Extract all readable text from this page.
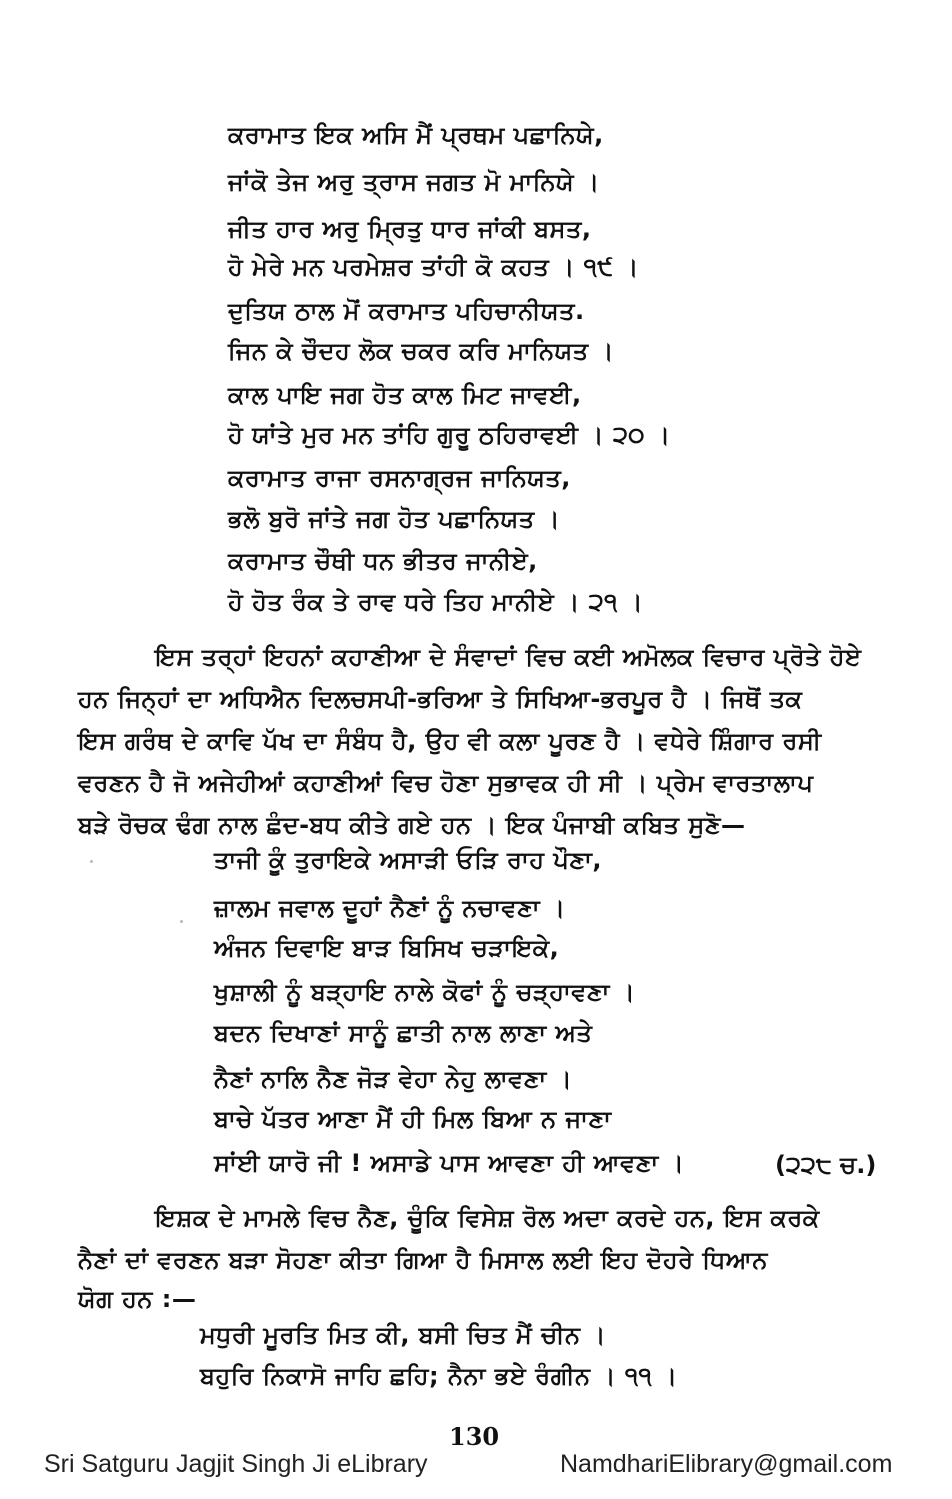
ਕਰਾਮਾਤ ਇਕ ਅਸਿ ਮੈਂ ਪ੍ਰਥਮ ਪਛਾਨਿਯੇ,
ਜਾਂਕੋ ਤੇਜ ਅਰੁ ਤ੍ਰਾਸ ਜਗਤ ਮੋ ਮਾਨਿਯੇ ।
ਜੀਤ ਹਾਰ ਅਰੁ ਮ੍ਰਿਤੁ ਧਾਰ ਜਾਂਕੀ ਬਸਤ,
ਹੋ ਮੇਰੇ ਮਨ ਪਰਮੇਸ਼ਰ ਤਾਂਹੀ ਕੋ ਕਹਤ । ੧੯ ।
ਦੁਤਿਯ ਠਾਲ ਮੋਂ ਕਰਾਮਾਤ ਪਹਿਚਾਨੀਯਤ.
ਜਿਨ ਕੇ ਚੌਦਹ ਲੋਕ ਚਕਰ ਕਰਿ ਮਾਨਿਯਤ ।
ਕਾਲ ਪਾਇ ਜਗ ਹੋਤ ਕਾਲ ਮਿਟ ਜਾਵਈ,
ਹੋ ਯਾਂਤੇ ਮੁਰ ਮਨ ਤਾਂਹਿ ਗੁਰੂ ਠਹਿਰਾਵਈ । ੨੦ ।
ਕਰਾਮਾਤ ਰਾਜਾ ਰਸਨਾਗ੍ਰਜ ਜਾਨਿਯਤ,
ਭਲੋ ਬੁਰੋ ਜਾਂਤੇ ਜਗ ਹੋਤ ਪਛਾਨਿਯਤ ।
ਕਰਾਮਾਤ ਚੌਥੀ ਧਨ ਭੀਤਰ ਜਾਨੀਏ,
ਹੋ ਹੋਤ ਰੰਕ ਤੇ ਰਾਵ ਧਰੇ ਤਿਹ ਮਾਨੀਏ । ੨੧ ।
ਇਸ ਤਰ੍ਹਾਂ ਇਹਨਾਂ ਕਹਾਣੀਆ ਦੇ ਸੰਵਾਦਾਂ ਵਿਚ ਕਈ ਅਮੋਲਕ ਵਿਚਾਰ ਪ੍ਰੋਤੇ ਹੋਏ
ਹਨ ਜਿਨ੍ਹਾਂ ਦਾ ਅਧਿਐਨ ਦਿਲਚਸਪੀ-ਭਰਿਆ ਤੇ ਸਿਖਿਆ-ਭਰਪੂਰ ਹੈ । ਜਿਥੋਂ ਤਕ
ਇਸ ਗਰੰਥ ਦੇ ਕਾਵਿ ਪੱਖ ਦਾ ਸੰਬੰਧ ਹੈ, ਉਹ ਵੀ ਕਲਾ ਪੂਰਣ ਹੈ । ਵਧੇਰੇ ਸ਼ਿੰਗਾਰ ਰਸੀ
ਵਰਣਨ ਹੈ ਜੋ ਅਜੇਹੀਆਂ ਕਹਾਣੀਆਂ ਵਿਚ ਹੋਣਾ ਸੁਭਾਵਕ ਹੀ ਸੀ । ਪ੍ਰੇਮ ਵਾਰਤਾਲਾਪ
ਬੜੇ ਰੋਚਕ ਢੰਗ ਨਾਲ ਛੰਦ-ਬਧ ਕੀਤੇ ਗਏ ਹਨ । ਇਕ ਪੰਜਾਬੀ ਕਬਿਤ ਸੁਣੋ—
ਤਾਜੀ ਕੂੰ ਤੁਰਾਇਕੇ ਅਸਾੜੀ ਓੜਿ ਰਾਹ ਪੌਣਾ,
ਜ਼ਾਲਮ ਜਵਾਲ ਦੂਹਾਂ ਨੈਣਾਂ ਨੂੰ ਨਚਾਵਣਾ ।
ਅੰਜਨ ਦਿਵਾਇ ਬਾੜ ਬਿਸਿਖ ਚੜਾਇਕੇ,
ਖੁਸ਼ਾਲੀ ਨੂੰ ਬੜ੍ਹਾਇ ਨਾਲੇ ਕੋਫਾਂ ਨੂੰ ਚੜ੍ਹਾਵਣਾ ।
ਬਦਨ ਦਿਖਾਣਾਂ ਸਾਨੂੰ ਛਾਤੀ ਨਾਲ ਲਾਣਾ ਅਤੇ
ਨੈਣਾਂ ਨਾਲਿ ਨੈਣ ਜੋੜ ਵੇਹਾ ਨੇਹੁ ਲਾਵਣਾ ।
ਬਾਚੇ ਪੱਤਰ ਆਣਾ ਮੈਂ ਹੀ ਮਿਲ ਬਿਆ ਨ ਜਾਣਾ
ਸਾਂਈ ਯਾਰੋ ਜੀ ! ਅਸਾਡੇ ਪਾਸ ਆਵਣਾ ਹੀ ਆਵਣਾ ।	(੨੨੮ ਚ.)
ਇਸ਼ਕ ਦੇ ਮਾਮਲੇ ਵਿਚ ਨੈਣ, ਚੂੰਕਿ ਵਿਸੇਸ਼ ਰੋਲ ਅਦਾ ਕਰਦੇ ਹਨ, ਇਸ ਕਰਕੇ
ਨੈਣਾਂ ਦਾਂ ਵਰਣਨ ਬੜਾ ਸੋਹਣਾ ਕੀਤਾ ਗਿਆ ਹੈ ਮਿਸਾਲ ਲਈ ਇਹ ਦੋਹਰੇ ਧਿਆਨ
ਯੋਗ ਹਨ :—
ਮਧੁਰੀ ਮੂਰਤਿ ਮਿਤ ਕੀ, ਬਸੀ ਚਿਤ ਮੈਂ ਚੀਨ ।
ਬਹੁਰਿ ਨਿਕਾਸੋ ਜਾਹਿ ਛਹਿ; ਨੈਨਾ ਭਏ ਰੰਗੀਨ । ੧੧ ।
130
Sri Satguru Jagjit Singh Ji eLibrary	NamdhariElibrary@gmail.com
